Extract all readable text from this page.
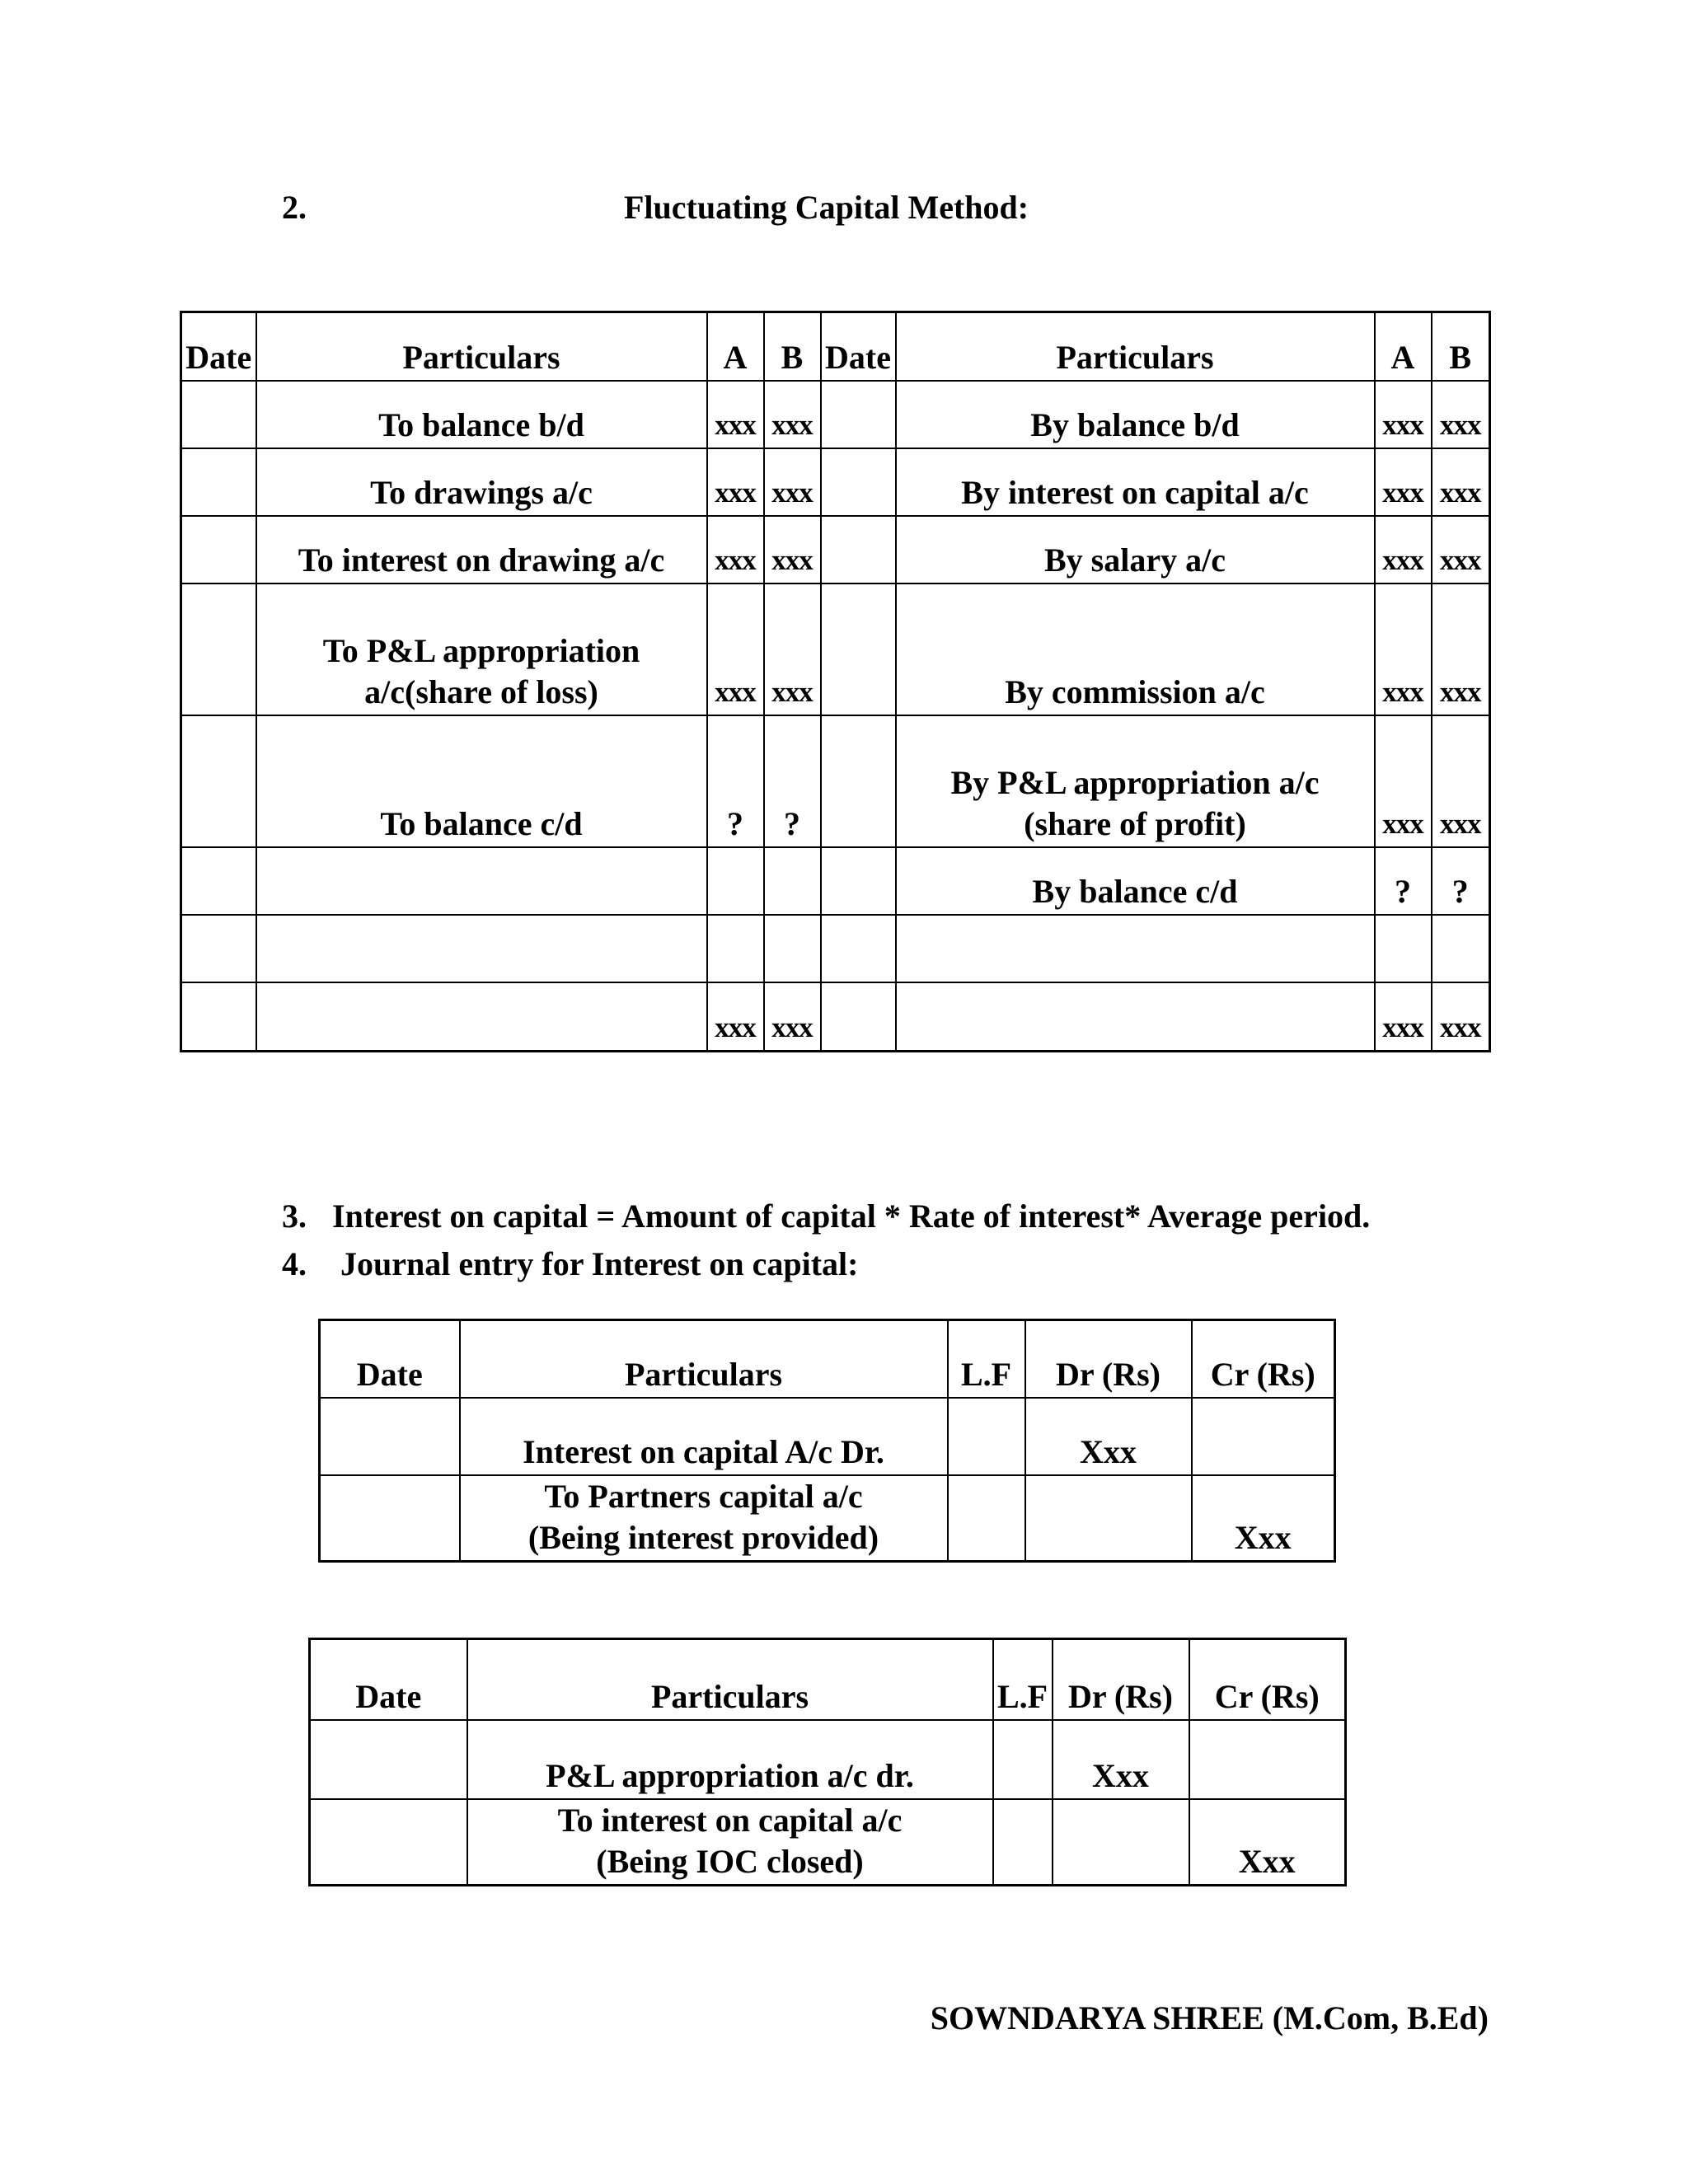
2.	Fluctuating Capital Method:
Date	Particulars	A	B	Date	Particulars	A	B
	To balance b/d	xxx	xxx		By balance b/d	xxx	xxx
	To drawings a/c	xxx	xxx		By interest on capital a/c	xxx	xxx
	To interest on drawing a/c	xxx	xxx		By salary a/c	xxx	xxx
	To P&L appropriation a/c(share of loss)	xxx	xxx		By commission a/c	xxx	xxx
	To balance c/d	?	?		By P&L appropriation a/c (share of profit)	xxx	xxx
					By balance c/d	?	?

		xxx	xxx			xxx	xxx
3. Interest on capital = Amount of capital * Rate of interest* Average period.
4. Journal entry for Interest on capital:
Date	Particulars	L.F	Dr (Rs)	Cr (Rs)
	Interest on capital A/c Dr.		Xxx	
	To Partners capital a/c (Being interest provided)			Xxx
Date	Particulars	L.F	Dr (Rs)	Cr (Rs)
	P&L appropriation a/c dr.		Xxx	
	To interest on capital a/c (Being IOC closed)			Xxx
SOWNDARYA SHREE (M.Com, B.Ed)
